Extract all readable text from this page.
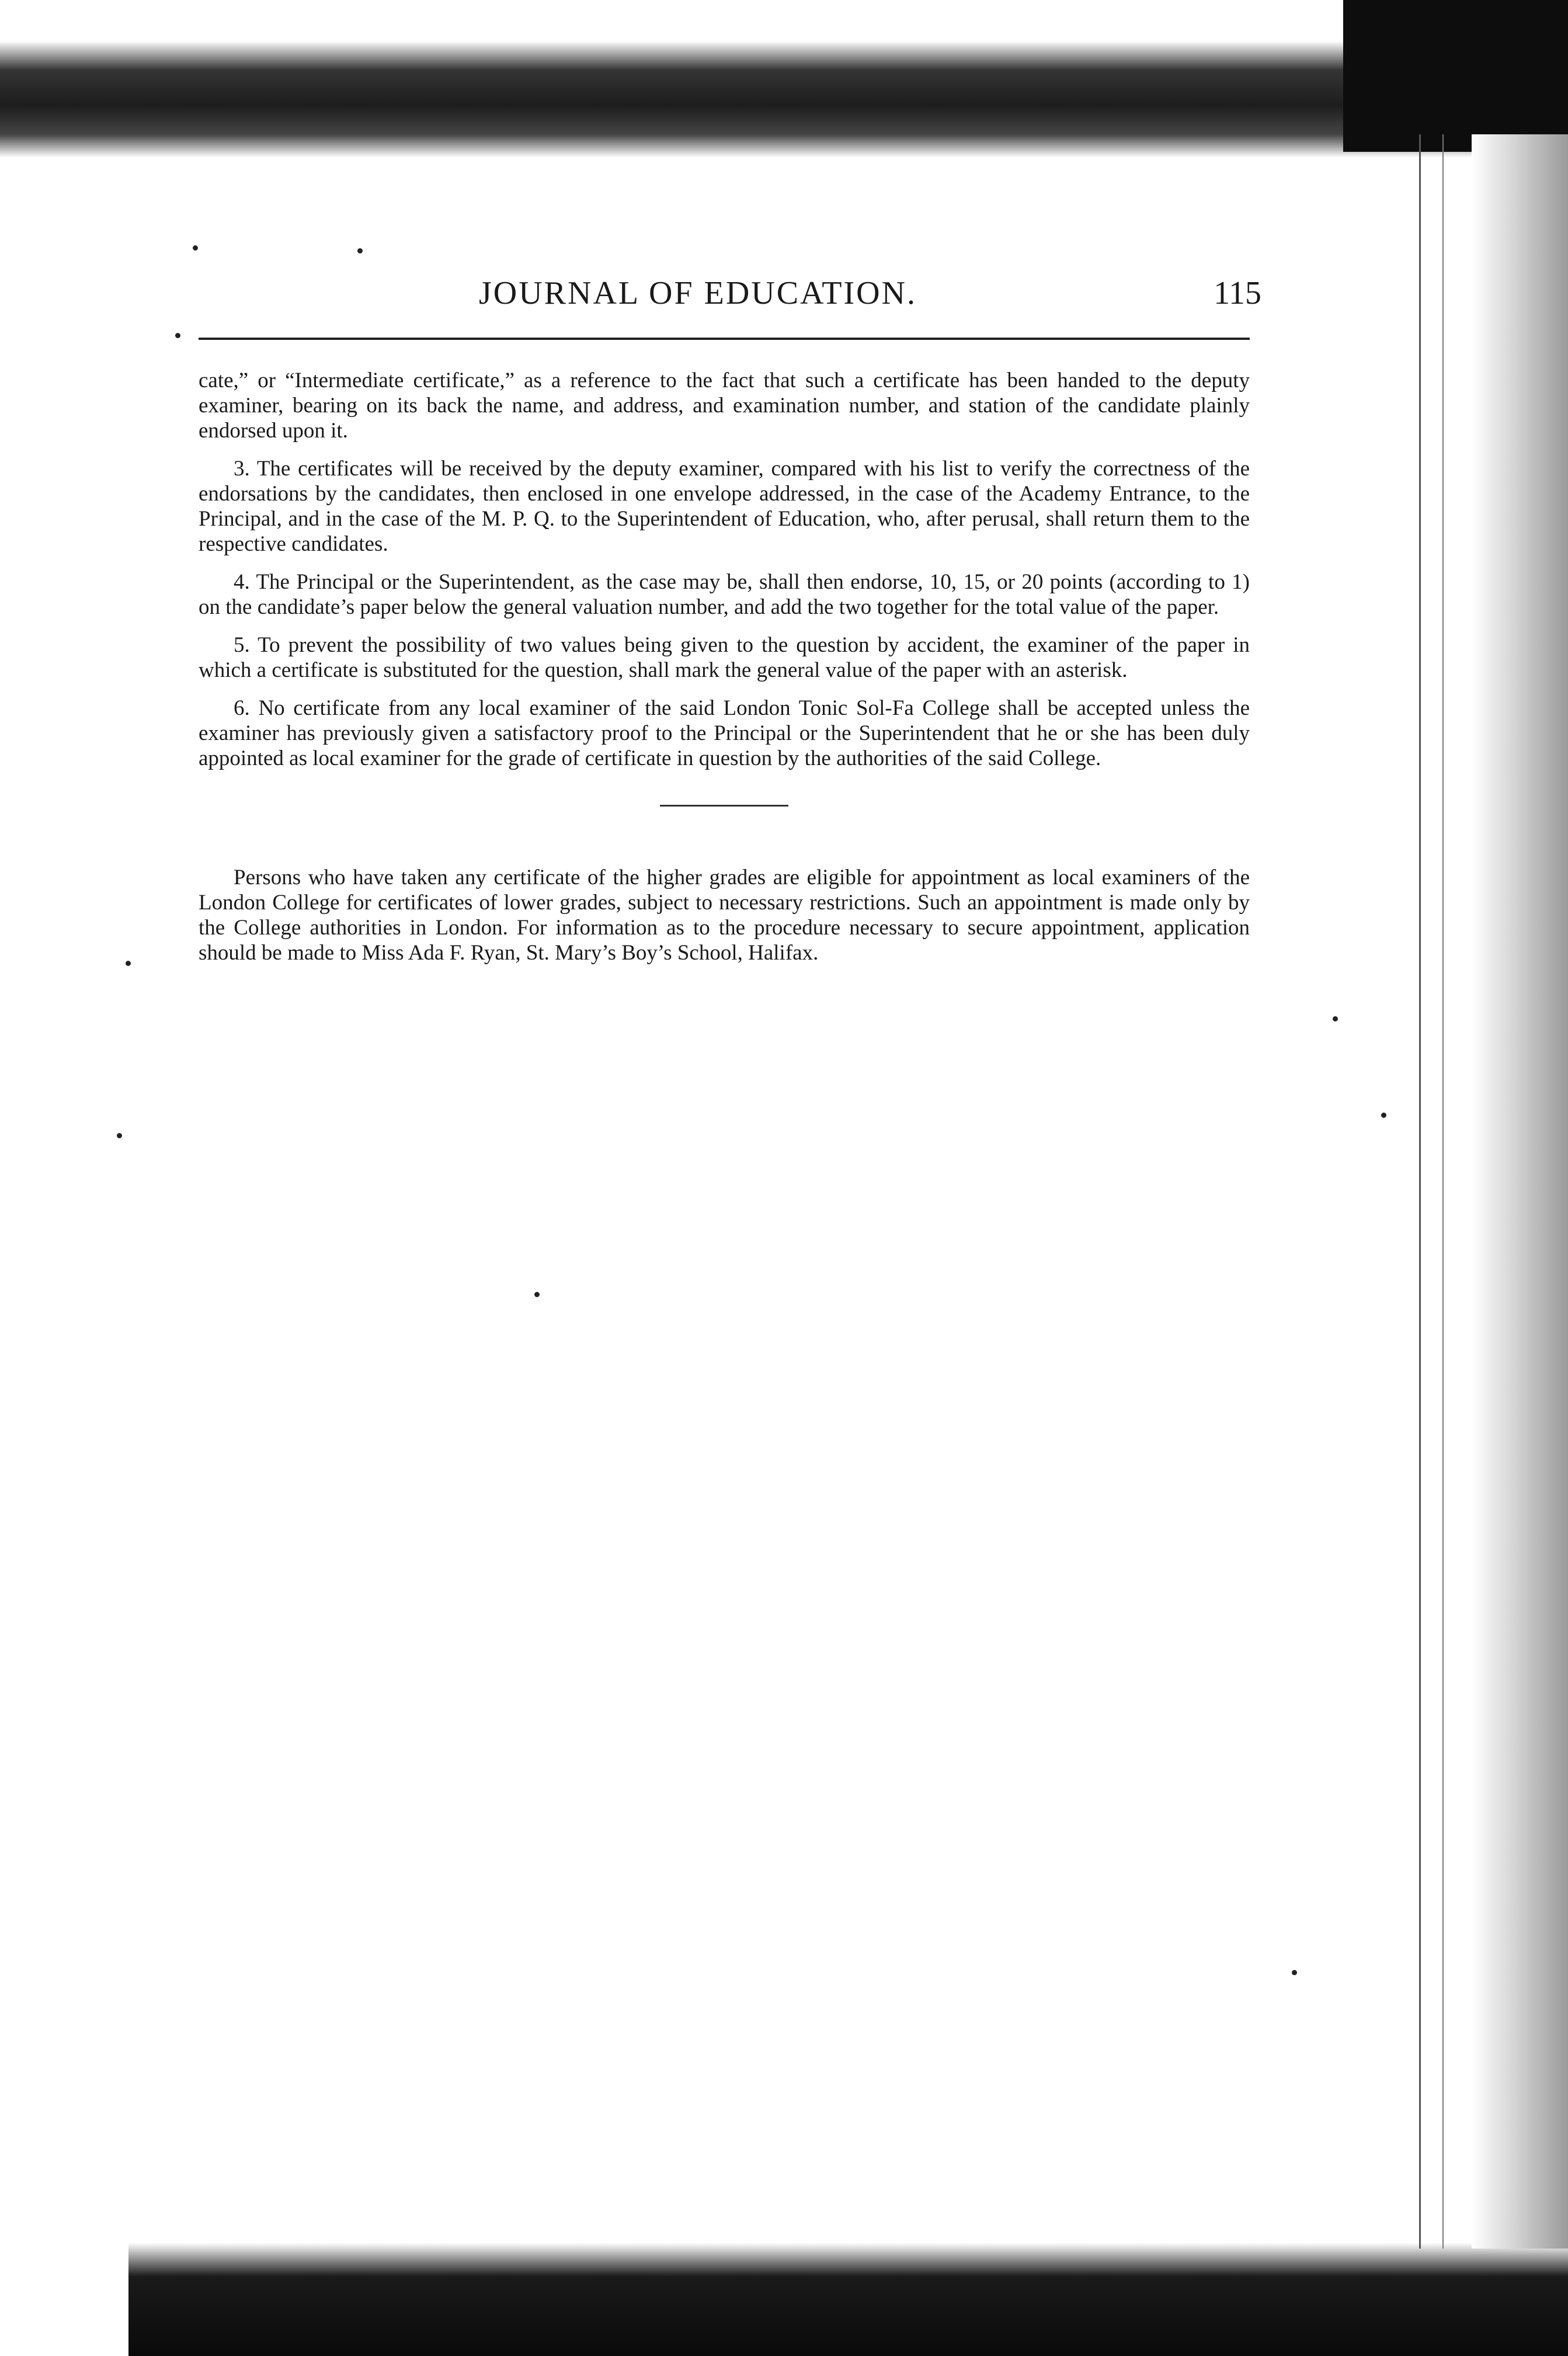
JOURNAL OF EDUCATION.	115

cate,” or “Intermediate certificate,” as a reference to the fact that such a certificate has been handed to the deputy examiner, bearing on its back the name, and address, and examination number, and station of the candidate plainly endorsed upon it.

3. The certificates will be received by the deputy examiner, compared with his list to verify the correctness of the endorsations by the candidates, then enclosed in one envelope addressed, in the case of the Academy Entrance, to the Principal, and in the case of the M. P. Q. to the Superintendent of Education, who, after perusal, shall return them to the respective candidates.

4. The Principal or the Superintendent, as the case may be, shall then endorse, 10, 15, or 20 points (according to 1) on the candidate’s paper below the general valuation number, and add the two together for the total value of the paper.

5. To prevent the possibility of two values being given to the question by accident, the examiner of the paper in which a certificate is substituted for the question, shall mark the general value of the paper with an asterisk.

6. No certificate from any local examiner of the said London Tonic Sol-Fa College shall be accepted unless the examiner has previously given a satisfactory proof to the Principal or the Superintendent that he or she has been duly appointed as local examiner for the grade of certificate in question by the authorities of the said College.

Persons who have taken any certificate of the higher grades are eligible for appointment as local examiners of the London College for certificates of lower grades, subject to necessary restrictions. Such an appointment is made only by the College authorities in London. For information as to the procedure necessary to secure appointment, application should be made to Miss Ada F. Ryan, St. Mary’s Boy’s School, Halifax.
